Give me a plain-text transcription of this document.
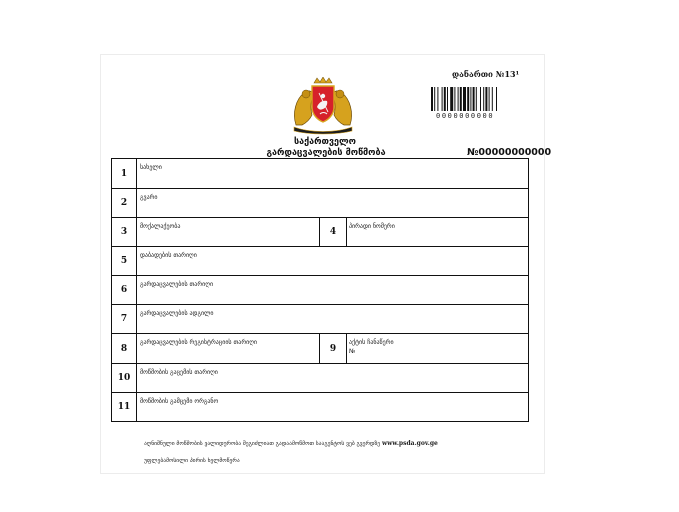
დანართი №13¹
0000000000
საქართველო
გარდაცვალების მოწმობა	№00000000000
1
სახელი
2
გვარი
3
მოქალაქეობა
4
პირადი ნომერი
5
დაბადების თარიღი
6
გარდაცვალების თარიღი
7
გარდაცვალების ადგილი
8
გარდაცვალების რეგისტრაციის თარიღი
9
აქტის ჩანაწერი
№
10
მოწმობის გაცემის თარიღი
11
მოწმობის გამცემი ორგანო
აღნიშნული მოწმობის ვალიდურობა შეგიძლიათ გადაამოწმოთ სააგენტოს ვებ გვერდზე www.psda.gov.ge
უფლებამოსილი პირის ხელმოწერა
